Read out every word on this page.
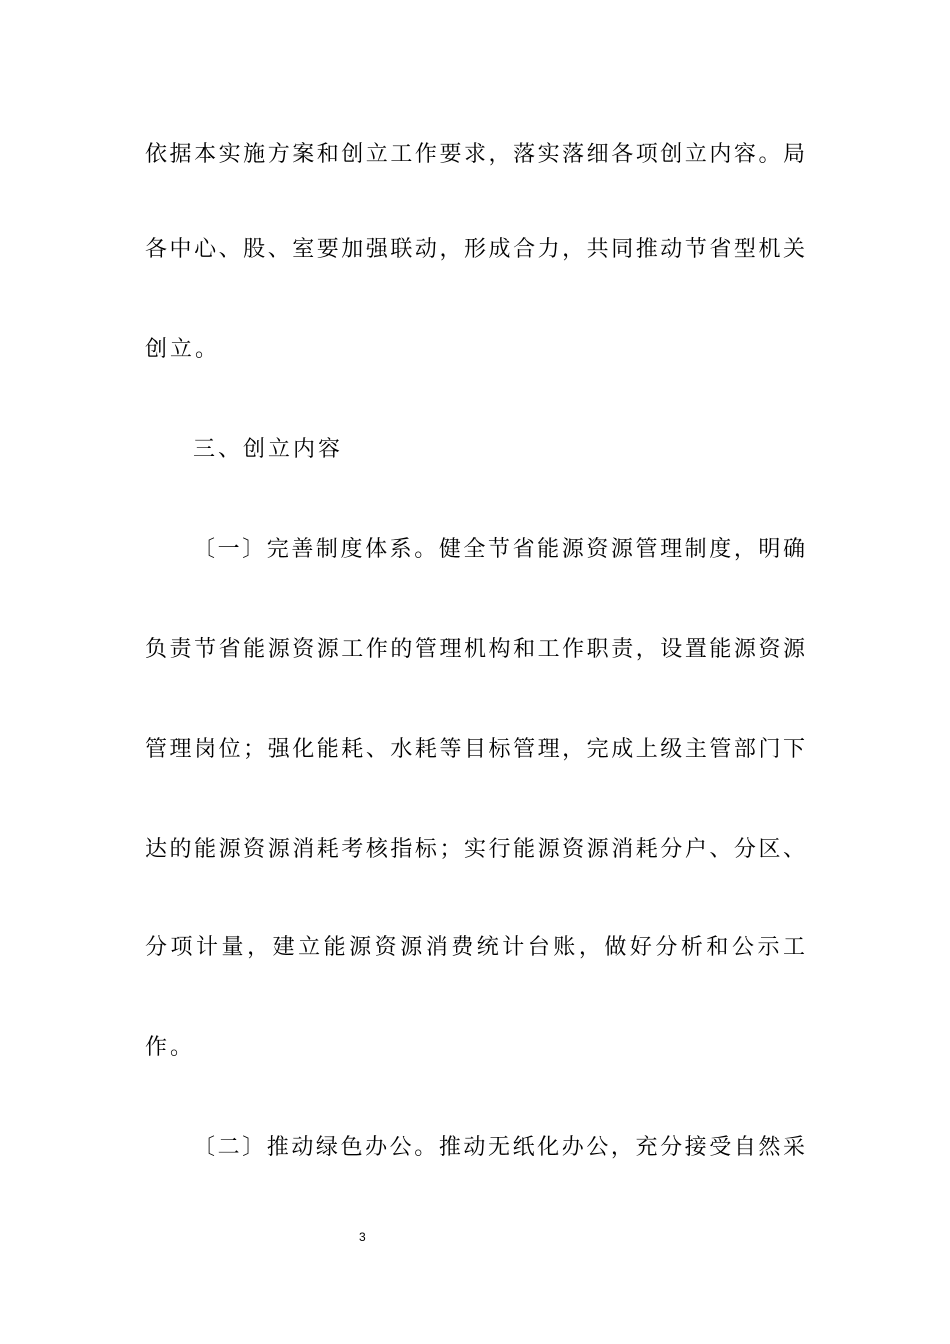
依据本实施方案和创立工作要求，落实落细各项创立内容。局
各中心、股、室要加强联动，形成合力，共同推动节省型机关
创立。
三、创立内容
〔一〕完善制度体系。健全节省能源资源管理制度，明确
负责节省能源资源工作的管理机构和工作职责，设置能源资源
管理岗位；强化能耗、水耗等目标管理，完成上级主管部门下
达的能源资源消耗考核指标；实行能源资源消耗分户、分区、
分项计量，建立能源资源消费统计台账，做好分析和公示工
作。
〔二〕推动绿色办公。推动无纸化办公，充分接受自然采
3
